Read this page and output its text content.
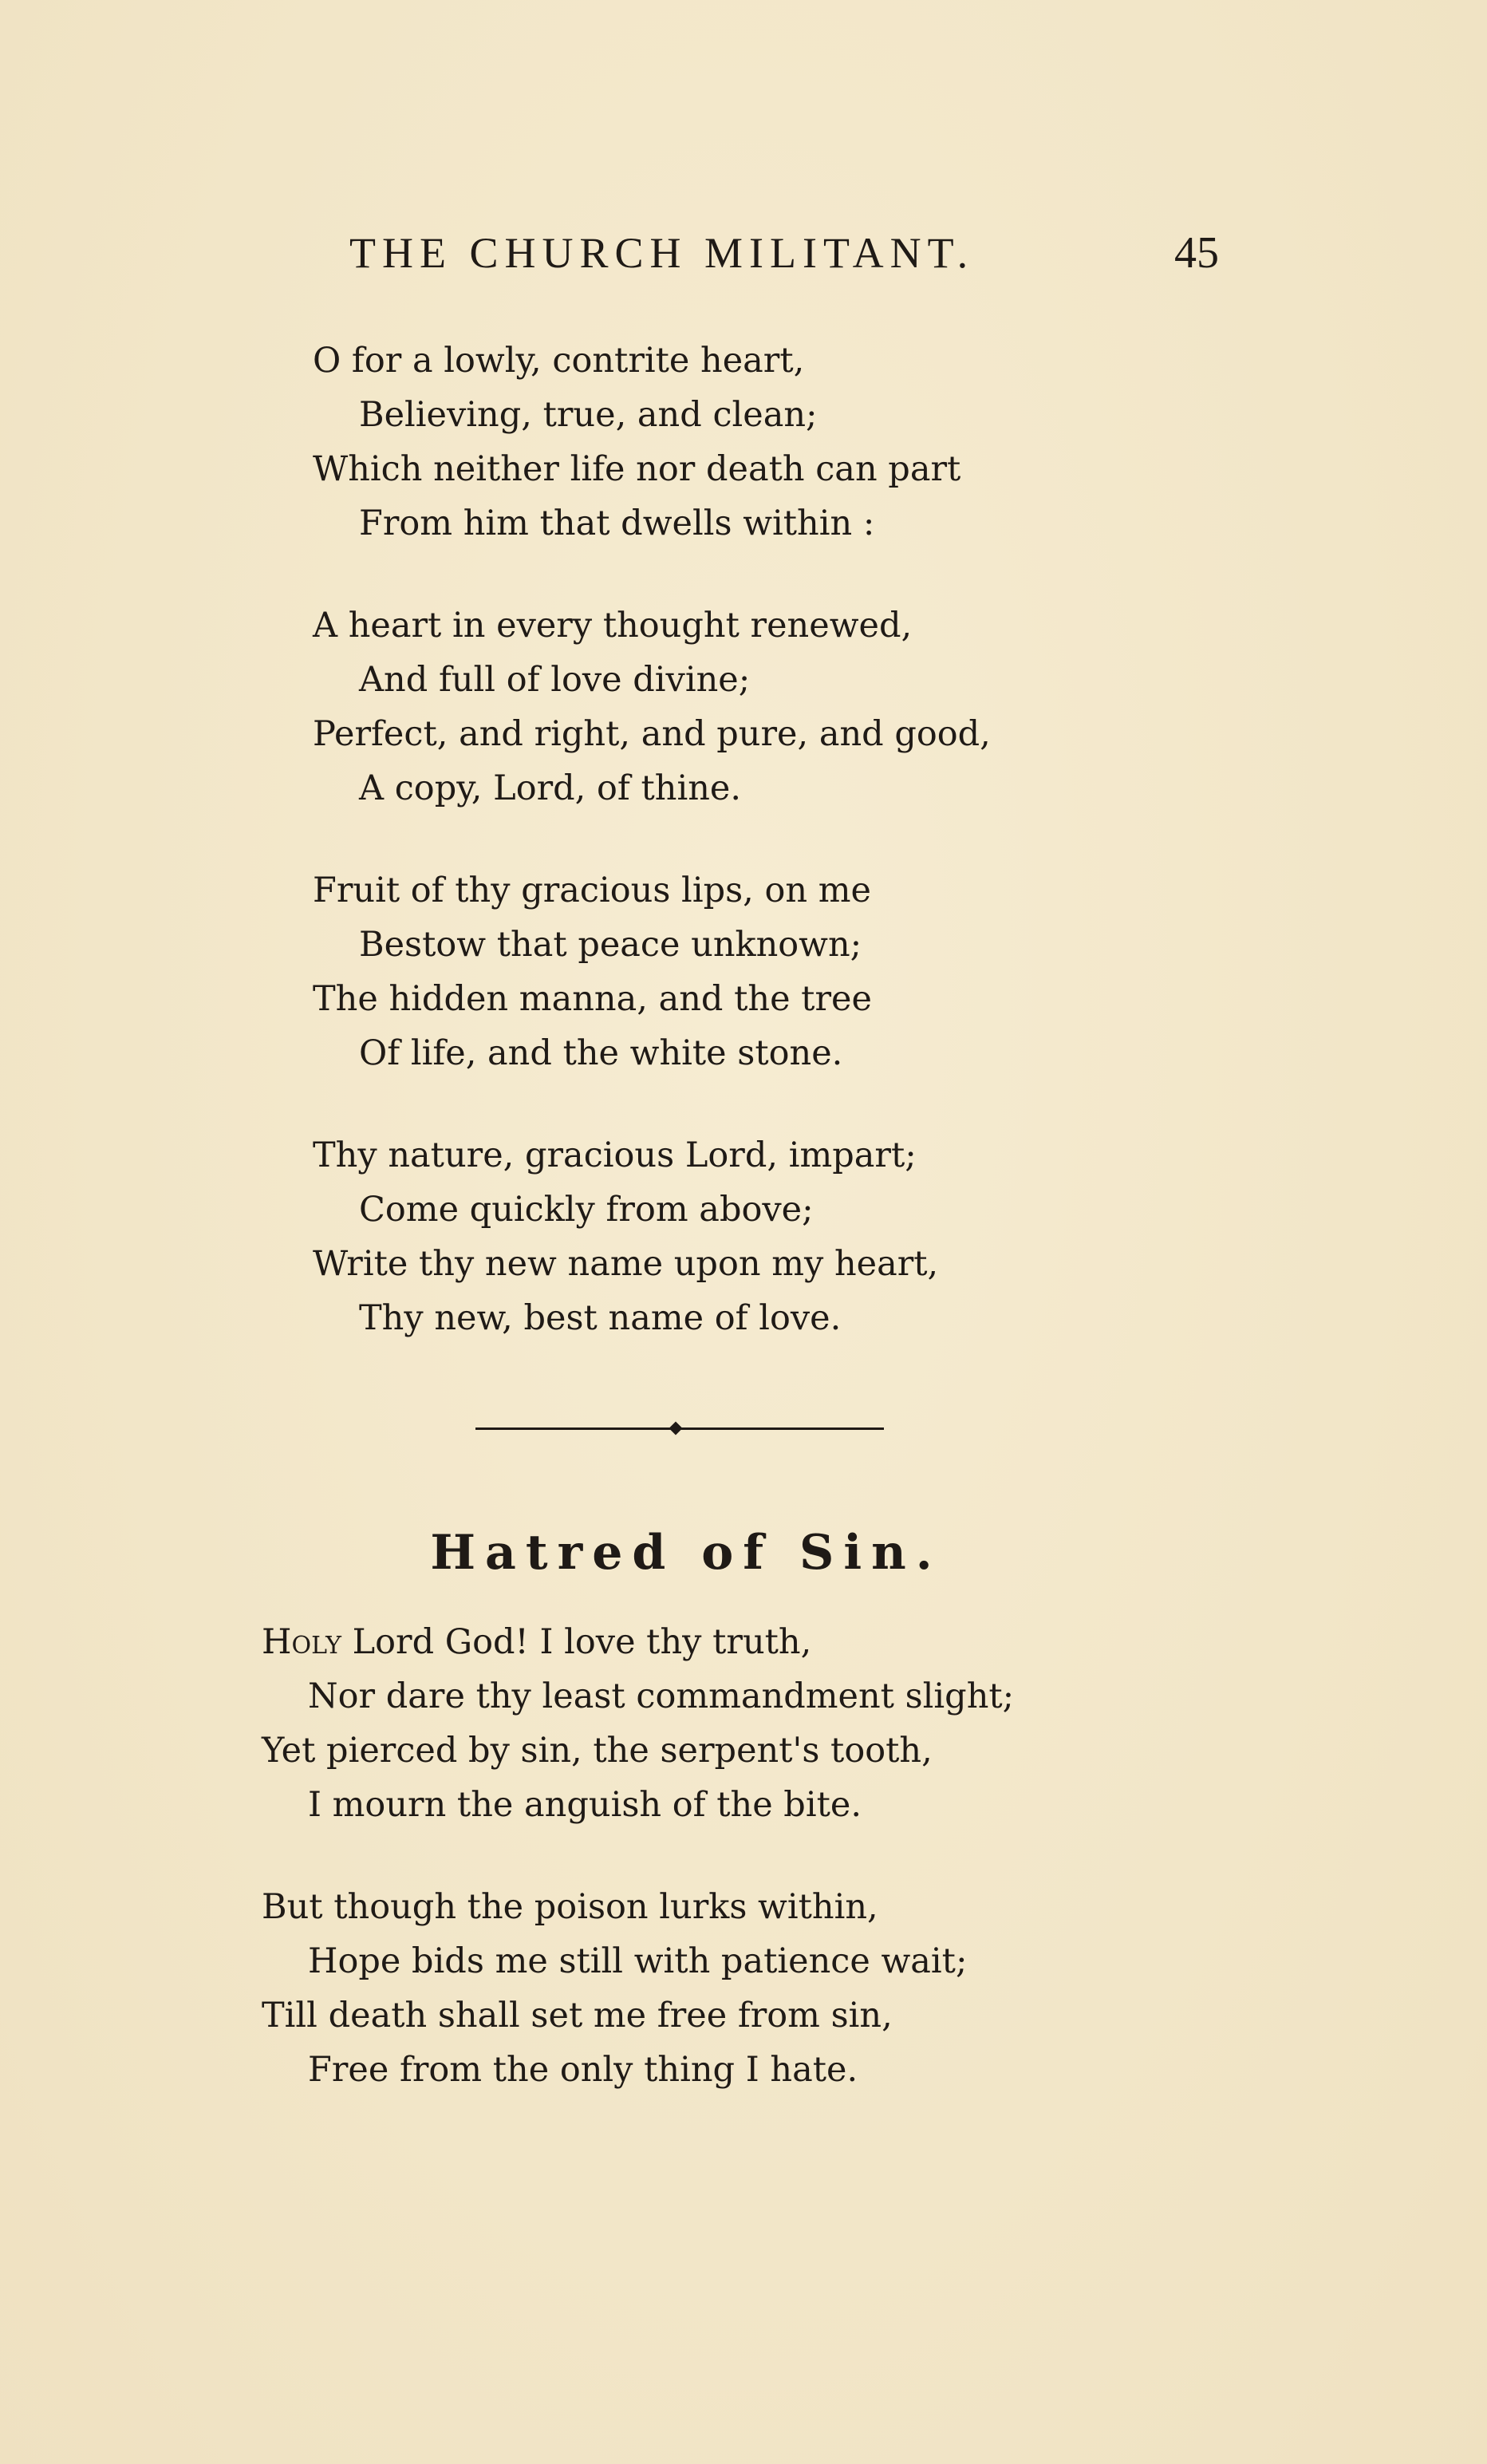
THE CHURCH MILITANT.	45
O for a lowly, contrite heart,
Believing, true, and clean;
Which neither life nor death can part
From him that dwells within :
A heart in every thought renewed,
And full of love divine;
Perfect, and right, and pure, and good,
A copy, Lord, of thine.
Fruit of thy gracious lips, on me
Bestow that peace unknown;
The hidden manna, and the tree
Of life, and the white stone.
Thy nature, gracious Lord, impart;
Come quickly from above;
Write thy new name upon my heart,
Thy new, best name of love.
Hatred of Sin.
Holy Lord God! I love thy truth,
Nor dare thy least commandment slight;
Yet pierced by sin, the serpent's tooth,
I mourn the anguish of the bite.
But though the poison lurks within,
Hope bids me still with patience wait;
Till death shall set me free from sin,
Free from the only thing I hate.
